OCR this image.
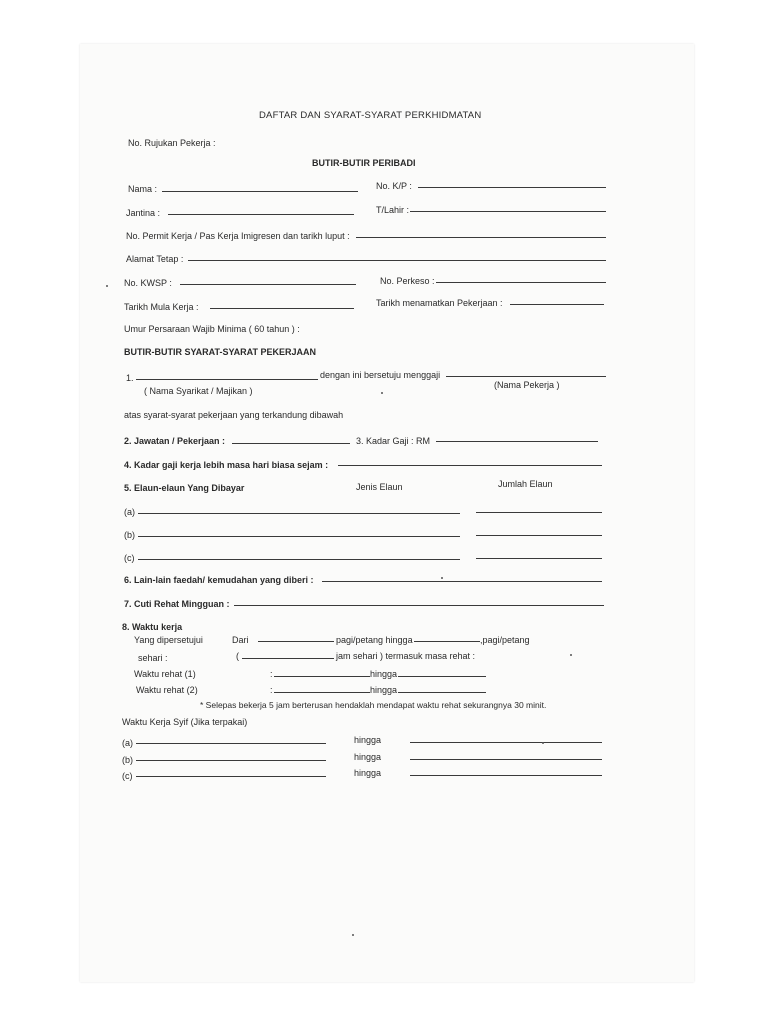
DAFTAR DAN SYARAT-SYARAT PERKHIDMATAN
No. Rujukan Pekerja :
BUTIR-BUTIR PERIBADI
Nama :	No. K/P :
Jantina :	T/Lahir :
No. Permit Kerja / Pas Kerja Imigresen dan tarikh luput :
Alamat Tetap :
No. KWSP :	No. Perkeso :
Tarikh Mula Kerja :	Tarikh menamatkan Pekerjaan :
Umur Persaraan Wajib Minima ( 60 tahun ) :
BUTIR-BUTIR SYARAT-SYARAT PEKERJAAN
1.	dengan ini bersetuju menggaji
( Nama Syarikat / Majikan )
(Nama Pekerja )
atas syarat-syarat pekerjaan yang terkandung dibawah
2. Jawatan / Pekerjaan :	3. Kadar Gaji : RM
4. Kadar gaji kerja lebih masa hari biasa sejam :
5. Elaun-elaun Yang Dibayar	Jenis Elaun	Jumlah Elaun
(a)
(b)
(c)
6. Lain-lain faedah/ kemudahan yang diberi :
7. Cuti Rehat Mingguan :
8. Waktu kerja
Yang dipersetujui	Dari	pagi/petang hingga	,pagi/petang
sehari :	(	jam sehari ) termasuk masa rehat :
Waktu rehat (1)	:	hingga
Waktu rehat (2)	:	hingga
* Selepas bekerja 5 jam berterusan hendaklah mendapat waktu rehat sekurangnya 30 minit.
Waktu Kerja Syif (Jika terpakai)
(a)	hingga
(b)	hingga
(c)	hingga
